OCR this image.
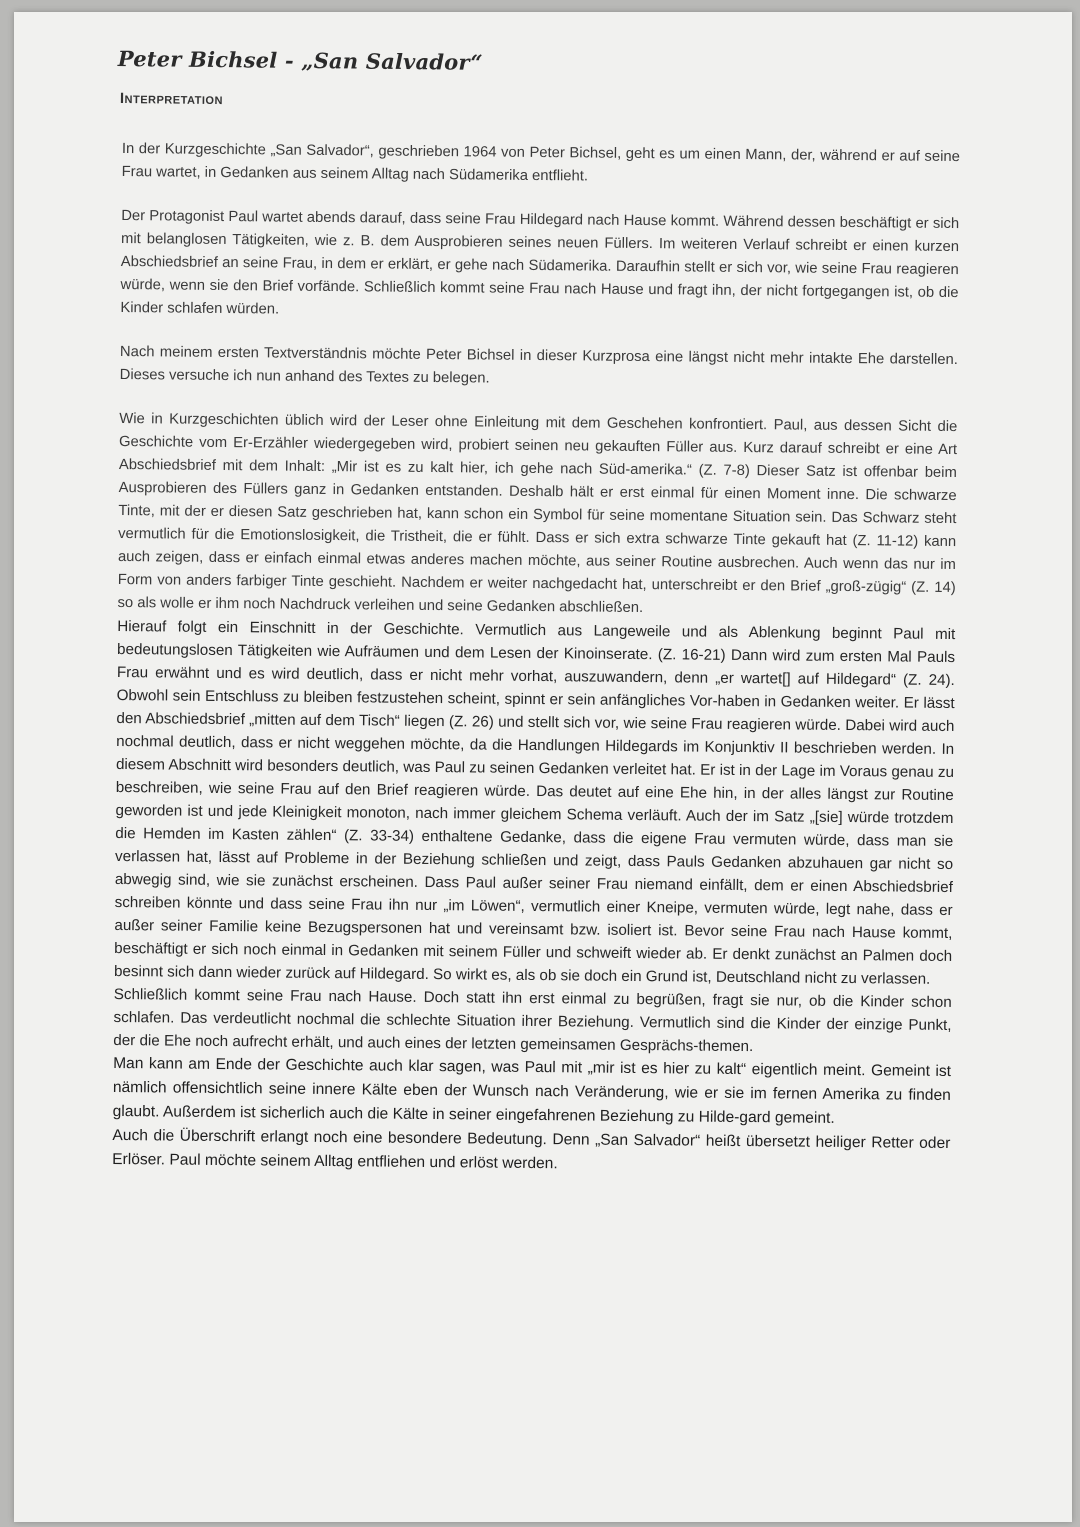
Peter Bichsel - „San Salvador“
Interpretation

In der Kurzgeschichte „San Salvador“, geschrieben 1964 von Peter Bichsel, geht es um einen Mann, der, während er auf seine Frau wartet, in Gedanken aus seinem Alltag nach Südamerika entflieht.

Der Protagonist Paul wartet abends darauf, dass seine Frau Hildegard nach Hause kommt. Während dessen beschäftigt er sich mit belanglosen Tätigkeiten, wie z. B. dem Ausprobieren seines neuen Füllers. Im weiteren Verlauf schreibt er einen kurzen Abschiedsbrief an seine Frau, in dem er erklärt, er gehe nach Südamerika. Daraufhin stellt er sich vor, wie seine Frau reagieren würde, wenn sie den Brief vorfände. Schließlich kommt seine Frau nach Hause und fragt ihn, der nicht fortgegangen ist, ob die Kinder schlafen würden.

Nach meinem ersten Textverständnis möchte Peter Bichsel in dieser Kurzprosa eine längst nicht mehr intakte Ehe darstellen. Dieses versuche ich nun anhand des Textes zu belegen.

Wie in Kurzgeschichten üblich wird der Leser ohne Einleitung mit dem Geschehen konfrontiert. Paul, aus dessen Sicht die Geschichte vom Er-Erzähler wiedergegeben wird, probiert seinen neu gekauften Füller aus. Kurz darauf schreibt er eine Art Abschiedsbrief mit dem Inhalt: „Mir ist es zu kalt hier, ich gehe nach Süd-amerika.“ (Z. 7-8) Dieser Satz ist offenbar beim Ausprobieren des Füllers ganz in Gedanken entstanden. Deshalb hält er erst einmal für einen Moment inne. Die schwarze Tinte, mit der er diesen Satz geschrieben hat, kann schon ein Symbol für seine momentane Situation sein. Das Schwarz steht vermutlich für die Emotionslosigkeit, die Tristheit, die er fühlt. Dass er sich extra schwarze Tinte gekauft hat (Z. 11-12) kann auch zeigen, dass er einfach einmal etwas anderes machen möchte, aus seiner Routine ausbrechen. Auch wenn das nur im Form von anders farbiger Tinte geschieht. Nachdem er weiter nachgedacht hat, unterschreibt er den Brief „groß-zügig“ (Z. 14) so als wolle er ihm noch Nachdruck verleihen und seine Gedanken abschließen.

Hierauf folgt ein Einschnitt in der Geschichte. Vermutlich aus Langeweile und als Ablenkung beginnt Paul mit bedeutungslosen Tätigkeiten wie Aufräumen und dem Lesen der Kinoinserate. (Z. 16-21) Dann wird zum ersten Mal Pauls Frau erwähnt und es wird deutlich, dass er nicht mehr vorhat, auszuwandern, denn „er wartet[] auf Hildegard“ (Z. 24). Obwohl sein Entschluss zu bleiben festzustehen scheint, spinnt er sein anfängliches Vor-haben in Gedanken weiter. Er lässt den Abschiedsbrief „mitten auf dem Tisch“ liegen (Z. 26) und stellt sich vor, wie seine Frau reagieren würde. Dabei wird auch nochmal deutlich, dass er nicht weggehen möchte, da die Handlungen Hildegards im Konjunktiv II beschrieben werden. In diesem Abschnitt wird besonders deutlich, was Paul zu seinen Gedanken verleitet hat. Er ist in der Lage im Voraus genau zu beschreiben, wie seine Frau auf den Brief reagieren würde. Das deutet auf eine Ehe hin, in der alles längst zur Routine geworden ist und jede Kleinigkeit monoton, nach immer gleichem Schema verläuft. Auch der im Satz „[sie] würde trotzdem die Hemden im Kasten zählen“ (Z. 33-34) enthaltene Gedanke, dass die eigene Frau vermuten würde, dass man sie verlassen hat, lässt auf Probleme in der Beziehung schließen und zeigt, dass Pauls Gedanken abzuhauen gar nicht so abwegig sind, wie sie zunächst erscheinen. Dass Paul außer seiner Frau niemand einfällt, dem er einen Abschiedsbrief schreiben könnte und dass seine Frau ihn nur „im Löwen“, vermutlich einer Kneipe, vermuten würde, legt nahe, dass er außer seiner Familie keine Bezugspersonen hat und vereinsamt bzw. isoliert ist. Bevor seine Frau nach Hause kommt, beschäftigt er sich noch einmal in Gedanken mit seinem Füller und schweift wieder ab. Er denkt zunächst an Palmen doch besinnt sich dann wieder zurück auf Hildegard. So wirkt es, als ob sie doch ein Grund ist, Deutschland nicht zu verlassen.

Schließlich kommt seine Frau nach Hause. Doch statt ihn erst einmal zu begrüßen, fragt sie nur, ob die Kinder schon schlafen. Das verdeutlicht nochmal die schlechte Situation ihrer Beziehung. Vermutlich sind die Kinder der einzige Punkt, der die Ehe noch aufrecht erhält, und auch eines der letzten gemeinsamen Gesprächs-themen.

Man kann am Ende der Geschichte auch klar sagen, was Paul mit „mir ist es hier zu kalt“ eigentlich meint. Gemeint ist nämlich offensichtlich seine innere Kälte eben der Wunsch nach Veränderung, wie er sie im fernen Amerika zu finden glaubt. Außerdem ist sicherlich auch die Kälte in seiner eingefahrenen Beziehung zu Hilde-gard gemeint.

Auch die Überschrift erlangt noch eine besondere Bedeutung. Denn „San Salvador“ heißt übersetzt heiliger Retter oder Erlöser. Paul möchte seinem Alltag entfliehen und erlöst werden.
